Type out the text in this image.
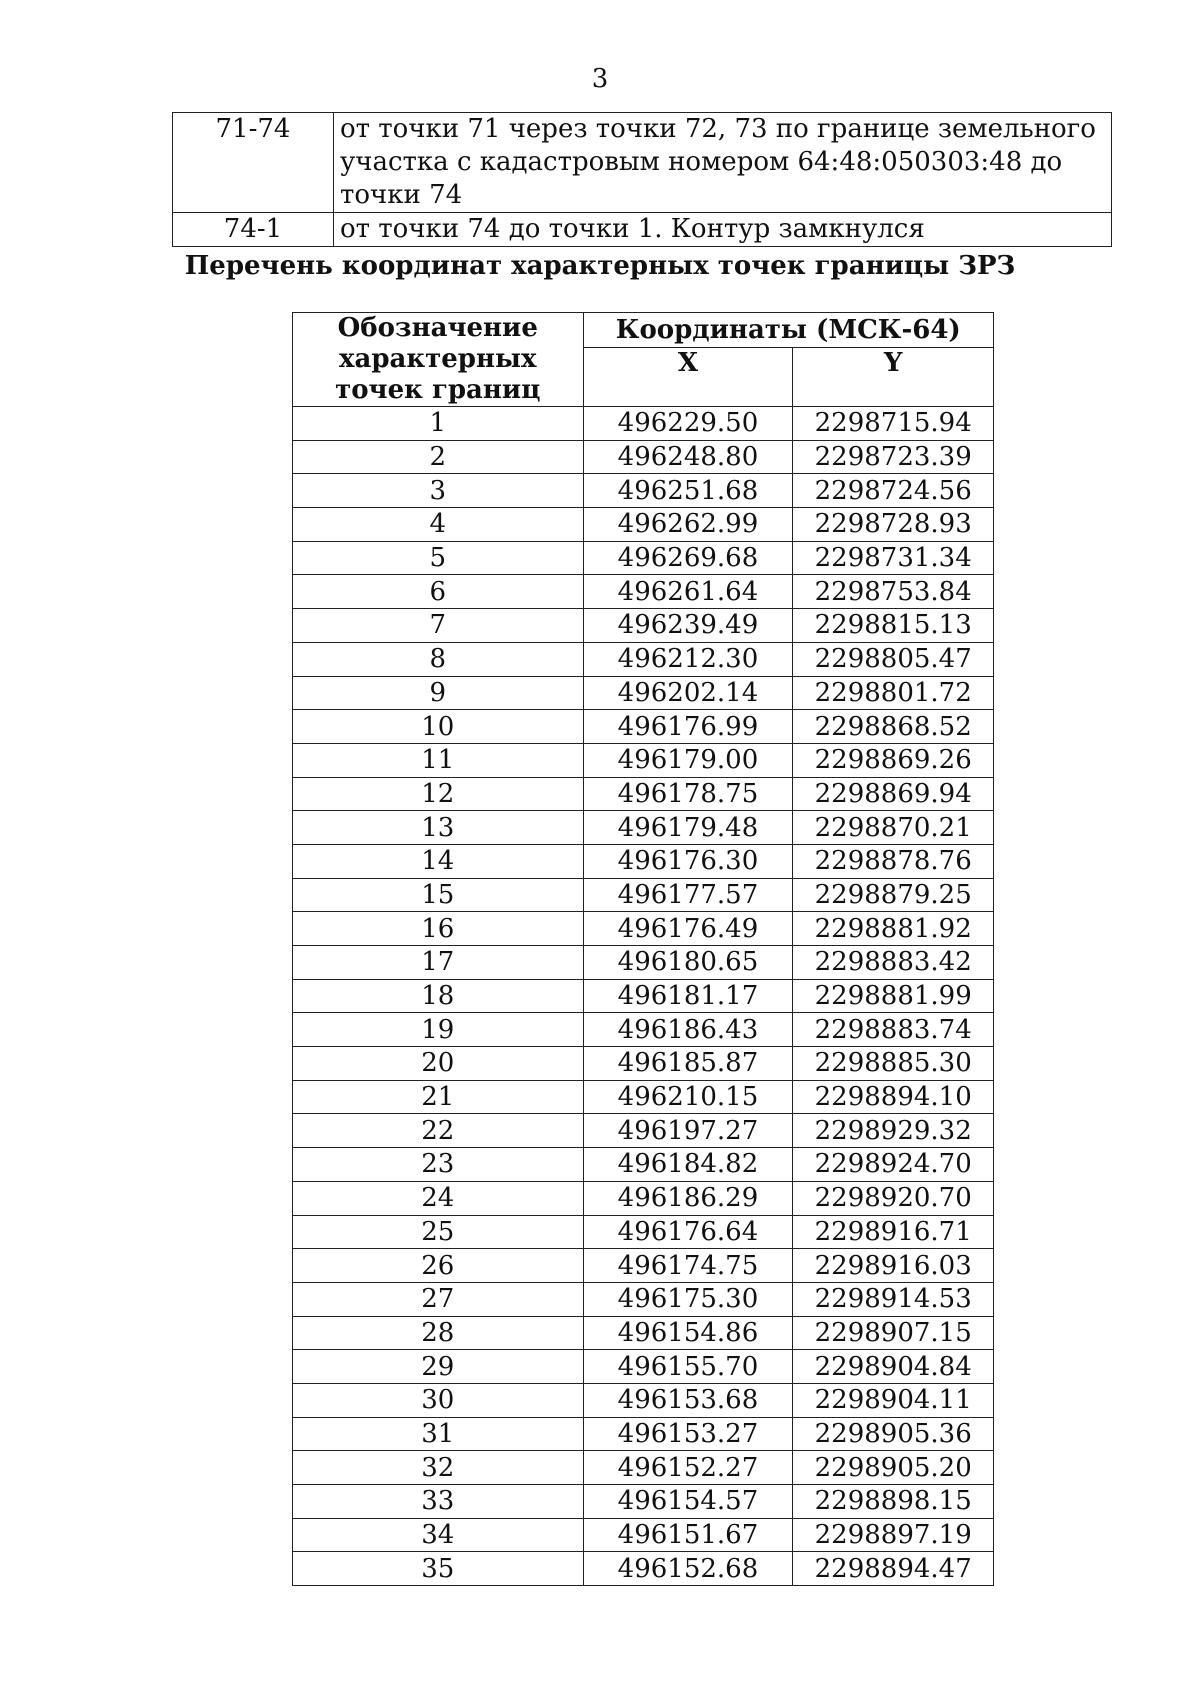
3
71-74	от точки 71 через точки 72, 73 по границе земельного участка с кадастровым номером 64:48:050303:48 до точки 74
74-1	от точки 74 до точки 1. Контур замкнулся
Перечень координат характерных точек границы ЗРЗ
Обозначение характерных точек границ	Координаты (МСК-64)	
	X	Y
1	496229.50	2298715.94
2	496248.80	2298723.39
3	496251.68	2298724.56
4	496262.99	2298728.93
5	496269.68	2298731.34
6	496261.64	2298753.84
7	496239.49	2298815.13
8	496212.30	2298805.47
9	496202.14	2298801.72
10	496176.99	2298868.52
11	496179.00	2298869.26
12	496178.75	2298869.94
13	496179.48	2298870.21
14	496176.30	2298878.76
15	496177.57	2298879.25
16	496176.49	2298881.92
17	496180.65	2298883.42
18	496181.17	2298881.99
19	496186.43	2298883.74
20	496185.87	2298885.30
21	496210.15	2298894.10
22	496197.27	2298929.32
23	496184.82	2298924.70
24	496186.29	2298920.70
25	496176.64	2298916.71
26	496174.75	2298916.03
27	496175.30	2298914.53
28	496154.86	2298907.15
29	496155.70	2298904.84
30	496153.68	2298904.11
31	496153.27	2298905.36
32	496152.27	2298905.20
33	496154.57	2298898.15
34	496151.67	2298897.19
35	496152.68	2298894.47
